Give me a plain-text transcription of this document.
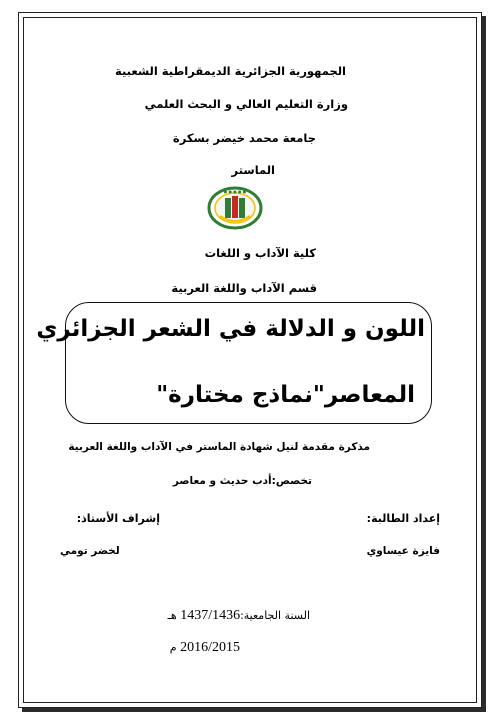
الجمهورية الجزائرية الديمقراطية الشعبية
وزارة التعليم العالي و البحث العلمي
جامعة محمد خيضر بسكرة
الماستر
● ● ● ● ●
كلية الآداب و اللغات
قسم الآداب واللغة العربية
اللون و الدلالة في الشعر الجزائري
المعاصر"نماذج مختارة"
مذكرة مقدمة لنيل شهادة الماستر في الآداب واللغة العربية
تخصص:أدب حديث و معاصر
إعداد الطالبة:
إشراف الأستاذ:
فايزة عيساوي
لخضر تومي
السنة الجامعية:1437/1436 هـ
2016/2015 م
